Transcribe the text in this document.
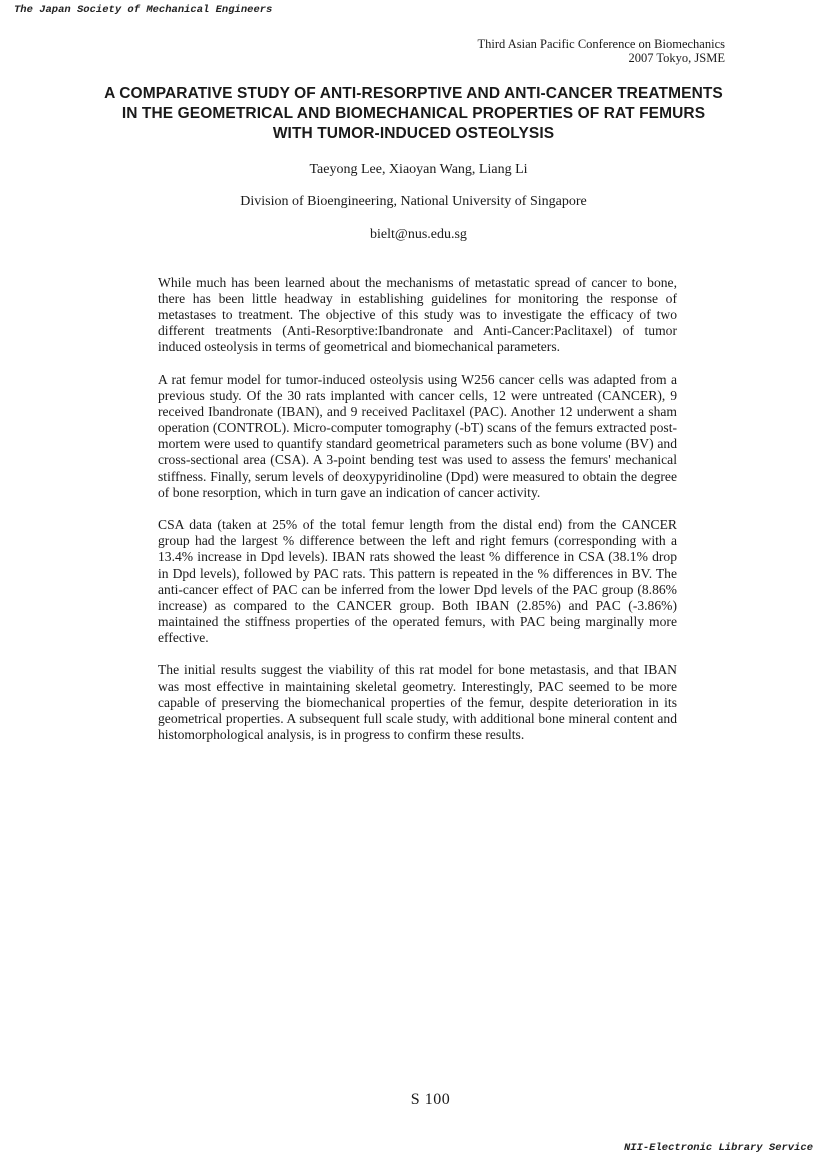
The Japan Society of Mechanical Engineers
Third Asian Pacific Conference on Biomechanics
2007 Tokyo, JSME
A COMPARATIVE STUDY OF ANTI-RESORPTIVE AND ANTI-CANCER TREATMENTS
IN THE GEOMETRICAL AND BIOMECHANICAL PROPERTIES OF RAT FEMURS
WITH TUMOR-INDUCED OSTEOLYSIS
Taeyong Lee, Xiaoyan Wang, Liang Li
Division of Bioengineering, National University of Singapore
bielt@nus.edu.sg

While much has been learned about the mechanisms of metastatic spread of cancer to bone, there has been little headway in establishing guidelines for monitoring the response of metastases to treatment. The objective of this study was to investigate the efficacy of two different treatments (Anti-Resorptive:Ibandronate and Anti-Cancer:Paclitaxel) of tumor induced osteolysis in terms of geometrical and biomechanical parameters.

A rat femur model for tumor-induced osteolysis using W256 cancer cells was adapted from a previous study. Of the 30 rats implanted with cancer cells, 12 were untreated (CANCER), 9 received Ibandronate (IBAN), and 9 received Paclitaxel (PAC). Another 12 underwent a sham operation (CONTROL). Micro-computer tomography (-bT) scans of the femurs extracted post-mortem were used to quantify standard geometrical parameters such as bone volume (BV) and cross-sectional area (CSA). A 3-point bending test was used to assess the femurs' mechanical stiffness. Finally, serum levels of deoxypyridinoline (Dpd) were measured to obtain the degree of bone resorption, which in turn gave an indication of cancer activity.

CSA data (taken at 25% of the total femur length from the distal end) from the CANCER group had the largest % difference between the left and right femurs (corresponding with a 13.4% increase in Dpd levels). IBAN rats showed the least % difference in CSA (38.1% drop in Dpd levels), followed by PAC rats. This pattern is repeated in the % differences in BV. The anti-cancer effect of PAC can be inferred from the lower Dpd levels of the PAC group (8.86% increase) as compared to the CANCER group. Both IBAN (2.85%) and PAC (-3.86%) maintained the stiffness properties of the operated femurs, with PAC being marginally more effective.

The initial results suggest the viability of this rat model for bone metastasis, and that IBAN was most effective in maintaining skeletal geometry. Interestingly, PAC seemed to be more capable of preserving the biomechanical properties of the femur, despite deterioration in its geometrical properties. A subsequent full scale study, with additional bone mineral content and histomorphological analysis, is in progress to confirm these results.

S 100
NII-Electronic Library Service
